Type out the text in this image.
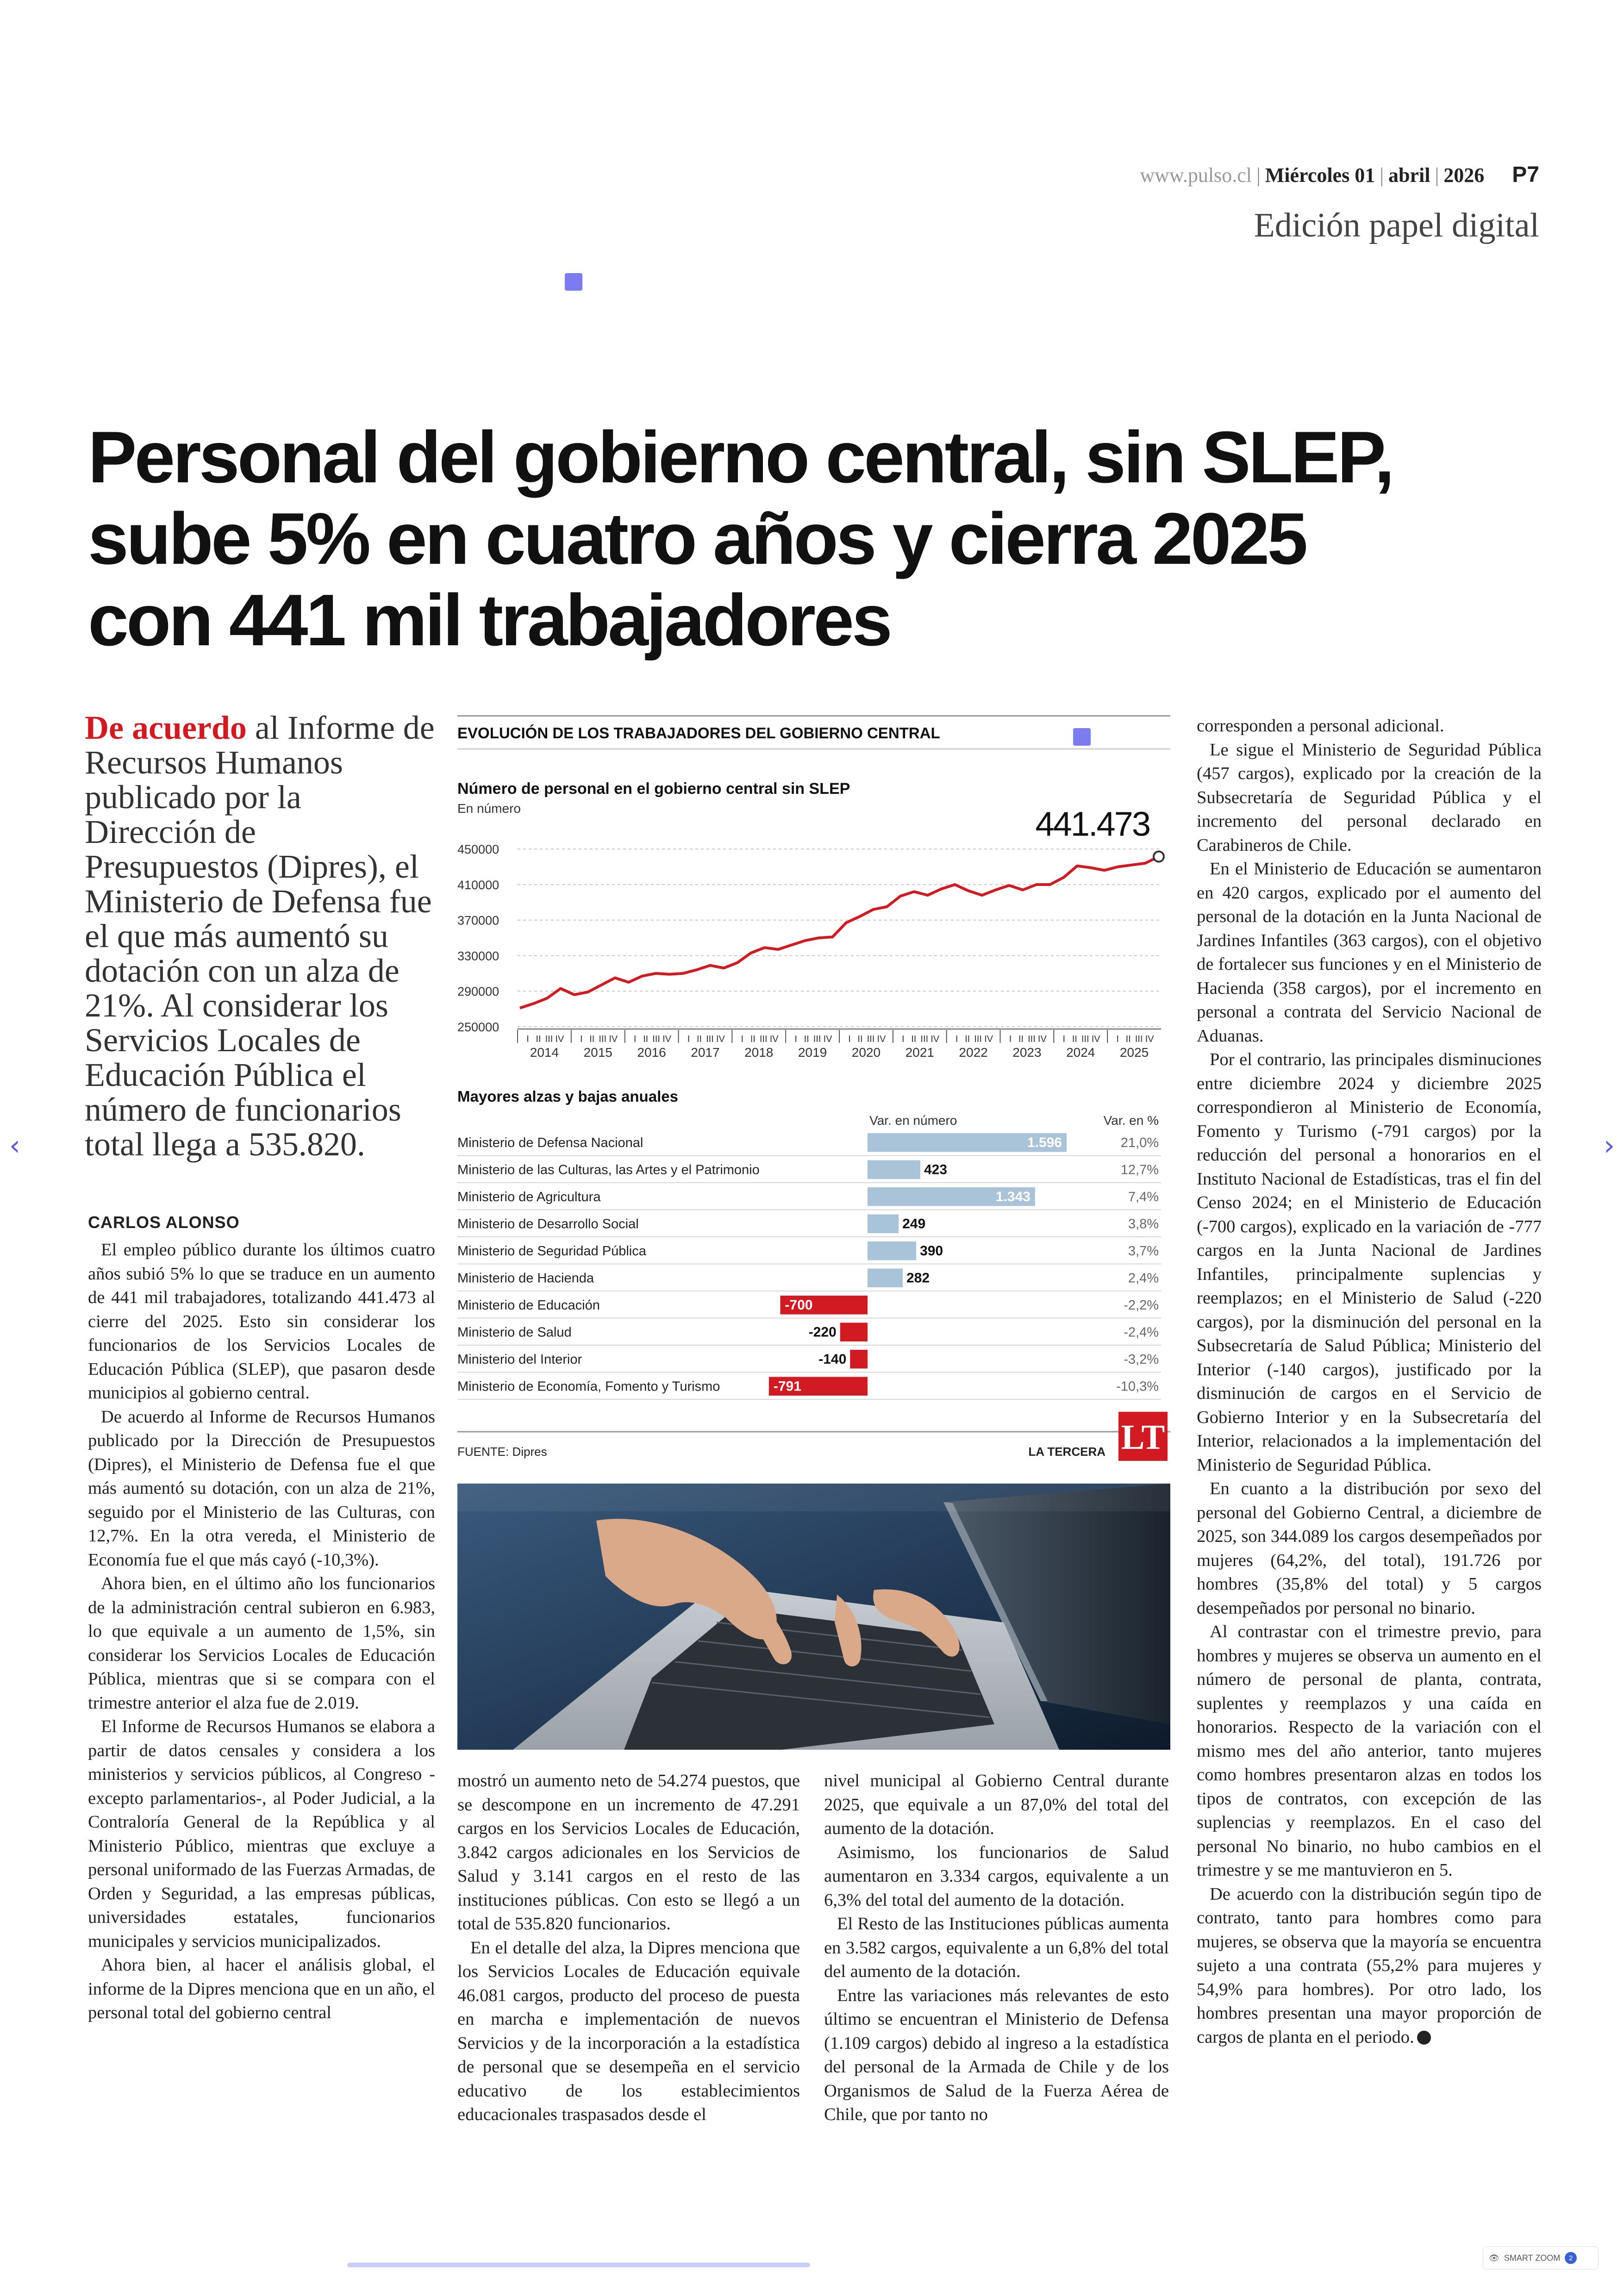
www.pulso.cl | Miércoles 01 | abril | 2026 P7
Edición papel digital
Personal del gobierno central, sin SLEP,
sube 5% en cuatro años y cierra 2025
con 441 mil trabajadores
De acuerdo al Informe de Recursos Humanos publicado por la Dirección de Presupuestos (Dipres), el Ministerio de Defensa fue el que más aumentó su dotación con un alza de 21%. Al considerar los Servicios Locales de Educación Pública el número de funcionarios total llega a 535.820.
CARLOS ALONSO

El empleo público durante los últimos cuatro años subió 5% lo que se traduce en un aumento de 441 mil trabajadores, totalizando 441.473 al cierre del 2025. Esto sin considerar los funcionarios de los Servicios Locales de Educación Pública (SLEP), que pasaron desde municipios al gobierno central.

De acuerdo al Informe de Recursos Humanos publicado por la Dirección de Presupuestos (Dipres), el Ministerio de Defensa fue el que más aumentó su dotación, con un alza de 21%, seguido por el Ministerio de las Culturas, con 12,7%. En la otra vereda, el Ministerio de Economía fue el que más cayó (-10,3%).

Ahora bien, en el último año los funcionarios de la administración central subieron en 6.983, lo que equivale a un aumento de 1,5%, sin considerar los Servicios Locales de Educación Pública, mientras que si se compara con el trimestre anterior el alza fue de 2.019.

El Informe de Recursos Humanos se elabora a partir de datos censales y considera a los ministerios y servicios públicos, al Congreso -excepto parlamentarios-, al Poder Judicial, a la Contraloría General de la República y al Ministerio Público, mientras que excluye a personal uniformado de las Fuerzas Armadas, de Orden y Seguridad, a las empresas públicas, universidades estatales, funcionarios municipales y servicios municipalizados.

Ahora bien, al hacer el análisis global, el informe de la Dipres menciona que en un año, el personal total del gobierno central

mostró un aumento neto de 54.274 puestos, que se descompone en un incremento de 47.291 cargos en los Servicios Locales de Educación, 3.842 cargos adicionales en los Servicios de Salud y 3.141 cargos en el resto de las instituciones públicas. Con esto se llegó a un total de 535.820 funcionarios.

En el detalle del alza, la Dipres menciona que los Servicios Locales de Educación equivale 46.081 cargos, producto del proceso de puesta en marcha e implementación de nuevos Servicios y de la incorporación a la estadística de personal que se desempeña en el servicio educativo de los establecimientos educacionales traspasados desde el

nivel municipal al Gobierno Central durante 2025, que equivale a un 87,0% del total del aumento de la dotación.

Asimismo, los funcionarios de Salud aumentaron en 3.334 cargos, equivalente a un 6,3% del total del aumento de la dotación.

El Resto de las Instituciones públicas aumenta en 3.582 cargos, equivalente a un 6,8% del total del aumento de la dotación.

Entre las variaciones más relevantes de esto último se encuentran el Ministerio de Defensa (1.109 cargos) debido al ingreso a la estadística del personal de la Armada de Chile y de los Organismos de Salud de la Fuerza Aérea de Chile, que por tanto no

corresponden a personal adicional.

Le sigue el Ministerio de Seguridad Pública (457 cargos), explicado por la creación de la Subsecretaría de Seguridad Pública y el incremento del personal declarado en Carabineros de Chile.

En el Ministerio de Educación se aumentaron en 420 cargos, explicado por el aumento del personal de la dotación en la Junta Nacional de Jardines Infantiles (363 cargos), con el objetivo de fortalecer sus funciones y en el Ministerio de Hacienda (358 cargos), por el incremento en personal a contrata del Servicio Nacional de Aduanas.

Por el contrario, las principales disminuciones entre diciembre 2024 y diciembre 2025 correspondieron al Ministerio de Economía, Fomento y Turismo (-791 cargos) por la reducción del personal a honorarios en el Instituto Nacional de Estadísticas, tras el fin del Censo 2024; en el Ministerio de Educación (-700 cargos), explicado en la variación de -777 cargos en la Junta Nacional de Jardines Infantiles, principalmente suplencias y reemplazos; en el Ministerio de Salud (-220 cargos), por la disminución del personal en la Subsecretaría de Salud Pública; Ministerio del Interior (-140 cargos), justificado por la disminución de cargos en el Servicio de Gobierno Interior y en la Subsecretaría del Interior, relacionados a la implementación del Ministerio de Seguridad Pública.

En cuanto a la distribución por sexo del personal del Gobierno Central, a diciembre de 2025, son 344.089 los cargos desempeñados por mujeres (64,2%, del total), 191.726 por hombres (35,8% del total) y 5 cargos desempeñados por personal no binario.

Al contrastar con el trimestre previo, para hombres y mujeres se observa un aumento en el número de personal de planta, contrata, suplentes y reemplazos y una caída en honorarios. Respecto de la variación con el mismo mes del año anterior, tanto mujeres como hombres presentaron alzas en todos los tipos de contratos, con excepción de las suplencias y reemplazos. En el caso del personal No binario, no hubo cambios en el trimestre y se me mantuvieron en 5.

De acuerdo con la distribución según tipo de contrato, tanto para hombres como para mujeres, se observa que la mayoría se encuentra sujeto a una contrata (55,2% para mujeres y 54,9% para hombres). Por otro lado, los hombres presentan una mayor proporción de cargos de planta en el periodo.

EVOLUCIÓN DE LOS TRABAJADORES DEL GOBIERNO CENTRAL
Número de personal en el gobierno central sin SLEP
En número
250000
290000
330000
370000
410000
450000
441.473
I II III IV
2014
I II III IV
2015
I II III IV
2016
I II III IV
2017
I II III IV
2018
I II III IV
2019
I II III IV
2020
I II III IV
2021
I II III IV
2022
I II III IV
2023
I II III IV
2024
I II III IV
2025
Mayores alzas y bajas anuales
Var. en número	Var. en %
Ministerio de Defensa Nacional	1.596	21,0%
Ministerio de las Culturas, las Artes y el Patrimonio	423	12,7%
Ministerio de Agricultura	1.343	7,4%
Ministerio de Desarrollo Social	249	3,8%
Ministerio de Seguridad Pública	390	3,7%
Ministerio de Hacienda	282	2,4%
Ministerio de Educación	-700	-2,2%
Ministerio de Salud	-220	-2,4%
Ministerio del Interior	-140	-3,2%
Ministerio de Economía, Fomento y Turismo	-791	-10,3%
FUENTE: Dipres	LA TERCERA LT
‹	›
👁 SMART ZOOM	2
